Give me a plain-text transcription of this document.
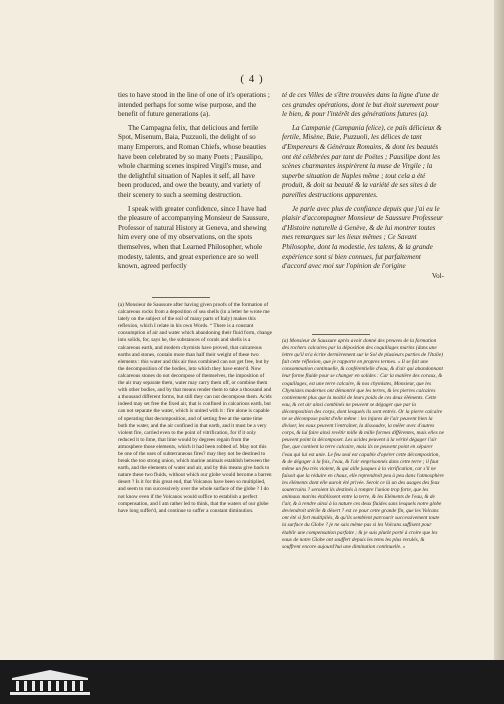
( 4 )

ties to have stood in the line of one of it's operations ; intended perhaps for some wise purpose, and the benefit of future generations (a).

The Campagna felix, that delicious and fertile Spot, Misenum, Baia, Puzzuoli, the delight of so many Emperors, and Roman Chiefs, whose beauties have been celebrated by so many Poets ; Pausilipo, whole charming scenes inspired Virgil's muse, and the delightful situation of Naples it self, all have been produced, and owe the beauty, and variety of their scenery to such a seeming destruction.

I speak with greater confidence, since I have had the pleasure of accompanying Monsieur de Saussure, Professor of natural History at Geneva, and shewing him every one of my observations, on the spots themselves, when that Learned Philosopher, whole modesty, talents, and great experience are so well known, agreed perfectly

té de ces Villes de s'être trouvées dans la ligne d'une de ces grandes opérations, dont le but étoit surement pour le bien, & pour l'intérêt des générations futures (a).

La Campanie (Campania felice), ce païs délicieux & fertile, Misène, Baie, Puzzuoli, les délices de tant d'Empereurs & Généraux Romains, & dont les beautés ont été célébrées par tant de Poëtes ; Pausilipe dont les scènes charmantes inspirèrent la muse de Virgile ; la superbe situation de Naples même ; tout cela a été produit, & doit sa beauté & la variété de ses sites à de pareilles destructions apparentes.

Je parle avec plus de confiance depuis que j'ai eu le plaisir d'accompagner Monsieur de Saussure Professeur d'Histoire naturelle à Genève, & de lui montrer toutes mes remarques sur les lieux mêmes ; Ce Savant Philosophe, dont la modestie, les talens, & la grande expérience sont si bien connues, fut parfaitement d'accord avec moi sur l'opinion de l'origine

Vol-

(a) Monsieur de Saussure after having given proofs of the formation of calcareous rocks from a deposition of sea shells (in a letter he wrote me lately on the subject of the soil of many parts of Italy) makes this reflexion, which I relate in his own Words. “ There is a constant consumption of air and water which abandoning their fluid form, change into solids, for, says he, the substances of corals and shells is a calcareous earth, and modern chymists have proved, that calcareous earths and stones, contain more than half their weight of these two elements : this water and this air thus combined can not get free, but by the decomposition of the bodies, into which they have enter'd. Now calcareous stones do not decompose of themselves, the imposition of the air may separate them, water may carry them off, or combine them with other bodies, and by that means render them to take a thousand and a thousand different forms, but still they can not decompose them. Acids indeed may set free the fixed air, that is confined in calcarious earth, but can not separate the water, which is united with it : fire alone is capable of operating that decomposition, and of setting free at the same time both the water, and the air confined in that earth, and it must be a very violent fire, carried even to the point of vitrification, for if it only reduced it to lime, that lime would by degrees regain from the atmosphere those elements, which it had been robbed of. May not this be one of the uses of subterraneous fires? may they not be destined to break the too strong union, which marine animals establish between the earth, and the elements of water and air, and by this means give back to nature these two fluids, without which our globe would become a barren desert ? Is it for this great end, that Volcanos have been so multiplied, and seem to run successively over the whole surface of the globe ? I do not know even if the Volcanos would suffice to establish a perfect compensation, and I am rather led to think, that the waters of our globe have long suffer'd, and continue to suffer a constant diminution.

(a) Monsieur de Saussure après avoir donné des preuves de la formation des rochers calcaires par la déposition des coquillages marins (dans une lettre qu'il m'a écrite dernièrement sur le Sol de plusieurs parties de l'Italie) fait cette réflexion, que je rapporte en propres termes. « Il se fait une consommation continuelle, & conférentielle d'eau, & d'air qui abandonnant leur forme fluide pour se changer en solides : Car la matière des coraux, & coquillages, est une terre calcaire, & nos chymistes, Monsieur, que les Chymistes modernes ont démontré que les terres, & les pierres calcaires contiennent plus que la moitié de leurs poids de ces deux éléments. Cette eau, & cet air ainsi combinés ne peuvent se dégager que par la décomposition des corps, dont lesquels ils sont entrés. Or la pierre calcaire ne se décompose point d'elle même : les injures de l'air peuvent bien la diviser, les eaux peuvent l'entraîner, la dissoudre, la mêler avec d'autres corps, & lui faire ainsi revêtir mille & mille formes différentes, mais elles ne peuvent point la décomposer. Les acides peuvent à la vérité dégager l'air fixe, que contient la terre calcaire, mais ils ne peuvent point en séparer l'eau qui lui est unie. Le feu seul est capable d'opérer cette décomposition, & de dégager à la fois, l'eau, & l'air emprisonnés dans cette terre ; il faut même un feu très violent, & qui aille jusques à la vitrification, car s'il ne faisoit que la réduire en chaux, elle reprendroit peu à peu dans l'atmosphère les éléments dont elle auroit été privée. Seroit ce là un des usages des feux souterrains ? seroient ils destinés à rompre l'union trop forte, que les animaux marins établissent entre la terre, & les Eléments de l'eau, & de l'air, & à rendre ainsi à la nature ces deux fluides sans lesquels notre globe deviendroit stérile & désert ? est ce pour cette grande fin, que les Volcans ont été si fort multipliés, & qu'ils semblent parcourir successivement toute la surface du Globe ? je ne sais même pas si les Volcans suffisent pour établir une compensation parfaite ; & je suis plutôt porté à croire que les eaux de notre Globe ont souffert depuis les tems les plus reculés, & souffrent encore aujourd'hui une diminution continuelle. »
